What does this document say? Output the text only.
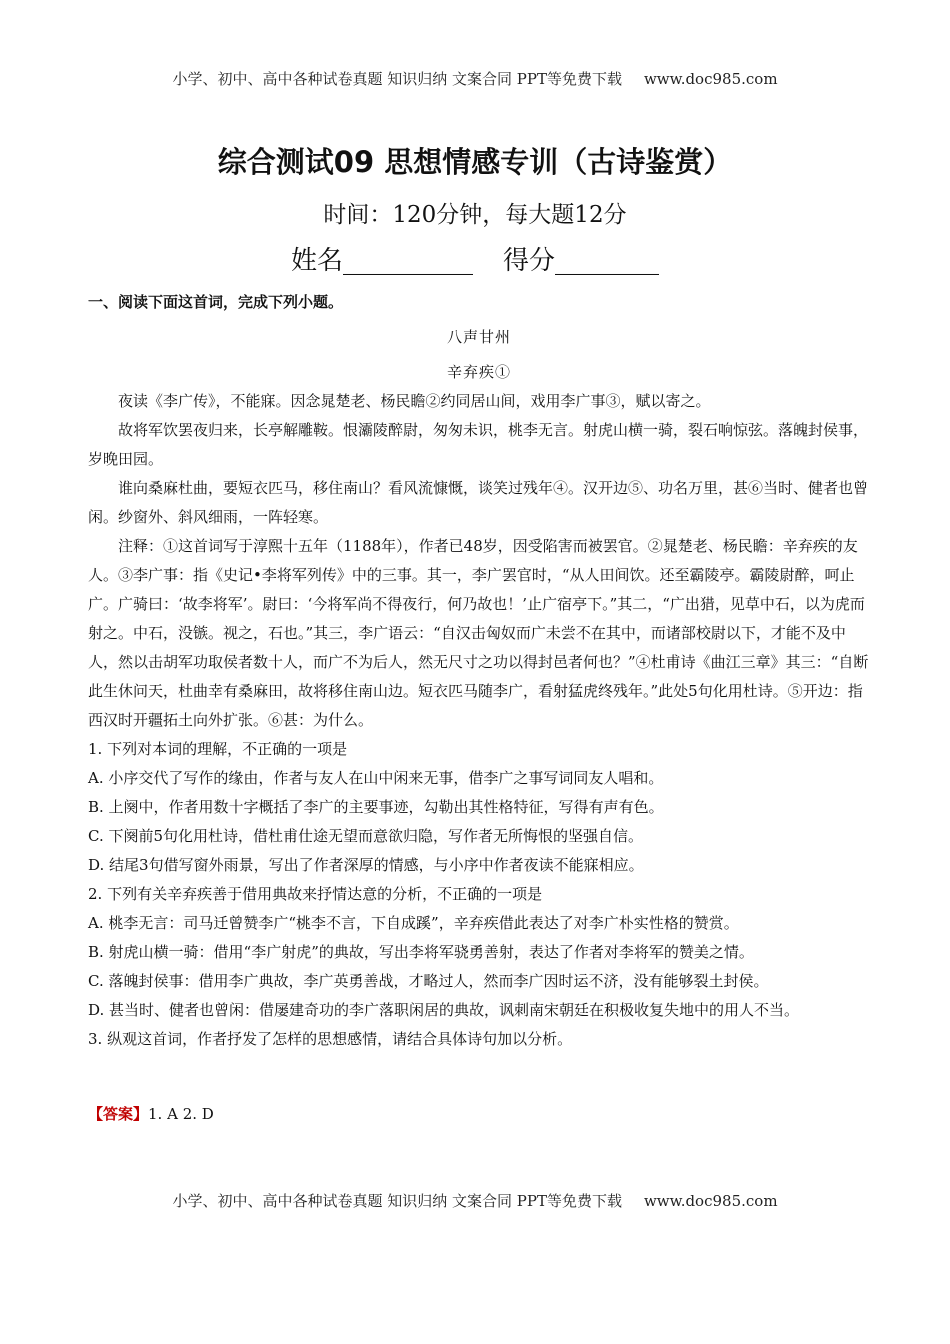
小学、初中、高中各种试卷真题 知识归纳 文案合同 PPT等免费下载 www.doc985.com
综合测试09 思想情感专训（古诗鉴赏）
时间：120分钟，每大题12分
姓名__________ 得分________

一、阅读下面这首词，完成下列小题。

八声甘州

辛弃疾①

夜读《李广传》，不能寐。因念晁楚老、杨民瞻②约同居山间，戏用李广事③，赋以寄之。

故将军饮罢夜归来，长亭解雕鞍。恨灞陵醉尉，匆匆未识，桃李无言。射虎山横一骑，裂石响惊弦。落魄封侯事，岁晚田园。

谁向桑麻杜曲，要短衣匹马，移住南山？看风流慷慨，谈笑过残年④。汉开边⑤、功名万里，甚⑥当时、健者也曾闲。纱窗外、斜风细雨，一阵轻寒。

注释：①这首词写于淳熙十五年（1188年），作者已48岁，因受陷害而被罢官。②晁楚老、杨民瞻：辛弃疾的友人。③李广事：指《史记•李将军列传》中的三事。其一，李广罢官时，“从人田间饮。还至霸陵亭。霸陵尉醉，呵止广。广骑曰：‘故李将军’。尉曰：‘今将军尚不得夜行，何乃故也！’止广宿亭下。”其二，“广出猎，见草中石，以为虎而射之。中石，没镞。视之，石也。”其三，李广语云：“自汉击匈奴而广未尝不在其中，而诸部校尉以下，才能不及中人，然以击胡军功取侯者数十人，而广不为后人，然无尺寸之功以得封邑者何也？”④杜甫诗《曲江三章》其三：“自断此生休问天，杜曲幸有桑麻田，故将移住南山边。短衣匹马随李广，看射猛虎终残年。”此处5句化用杜诗。⑤开边：指西汉时开疆拓土向外扩张。⑥甚：为什么。

1. 下列对本词的理解，不正确的一项是

A. 小序交代了写作的缘由，作者与友人在山中闲来无事，借李广之事写词同友人唱和。

B. 上阕中，作者用数十字概括了李广的主要事迹，勾勒出其性格特征，写得有声有色。

C. 下阕前5句化用杜诗，借杜甫仕途无望而意欲归隐，写作者无所悔恨的坚强自信。

D. 结尾3句借写窗外雨景，写出了作者深厚的情感，与小序中作者夜读不能寐相应。

2. 下列有关辛弃疾善于借用典故来抒情达意的分析，不正确的一项是

A. 桃李无言：司马迁曾赞李广“桃李不言，下自成蹊”，辛弃疾借此表达了对李广朴实性格的赞赏。

B. 射虎山横一骑：借用“李广射虎”的典故，写出李将军骁勇善射，表达了作者对李将军的赞美之情。

C. 落魄封侯事：借用李广典故，李广英勇善战，才略过人，然而李广因时运不济，没有能够裂土封侯。

D. 甚当时、健者也曾闲：借屡建奇功的李广落职闲居的典故，讽刺南宋朝廷在积极收复失地中的用人不当。

3. 纵观这首词，作者抒发了怎样的思想感情，请结合具体诗句加以分析。

【答案】1. A 2. D

小学、初中、高中各种试卷真题 知识归纳 文案合同 PPT等免费下载 www.doc985.com
